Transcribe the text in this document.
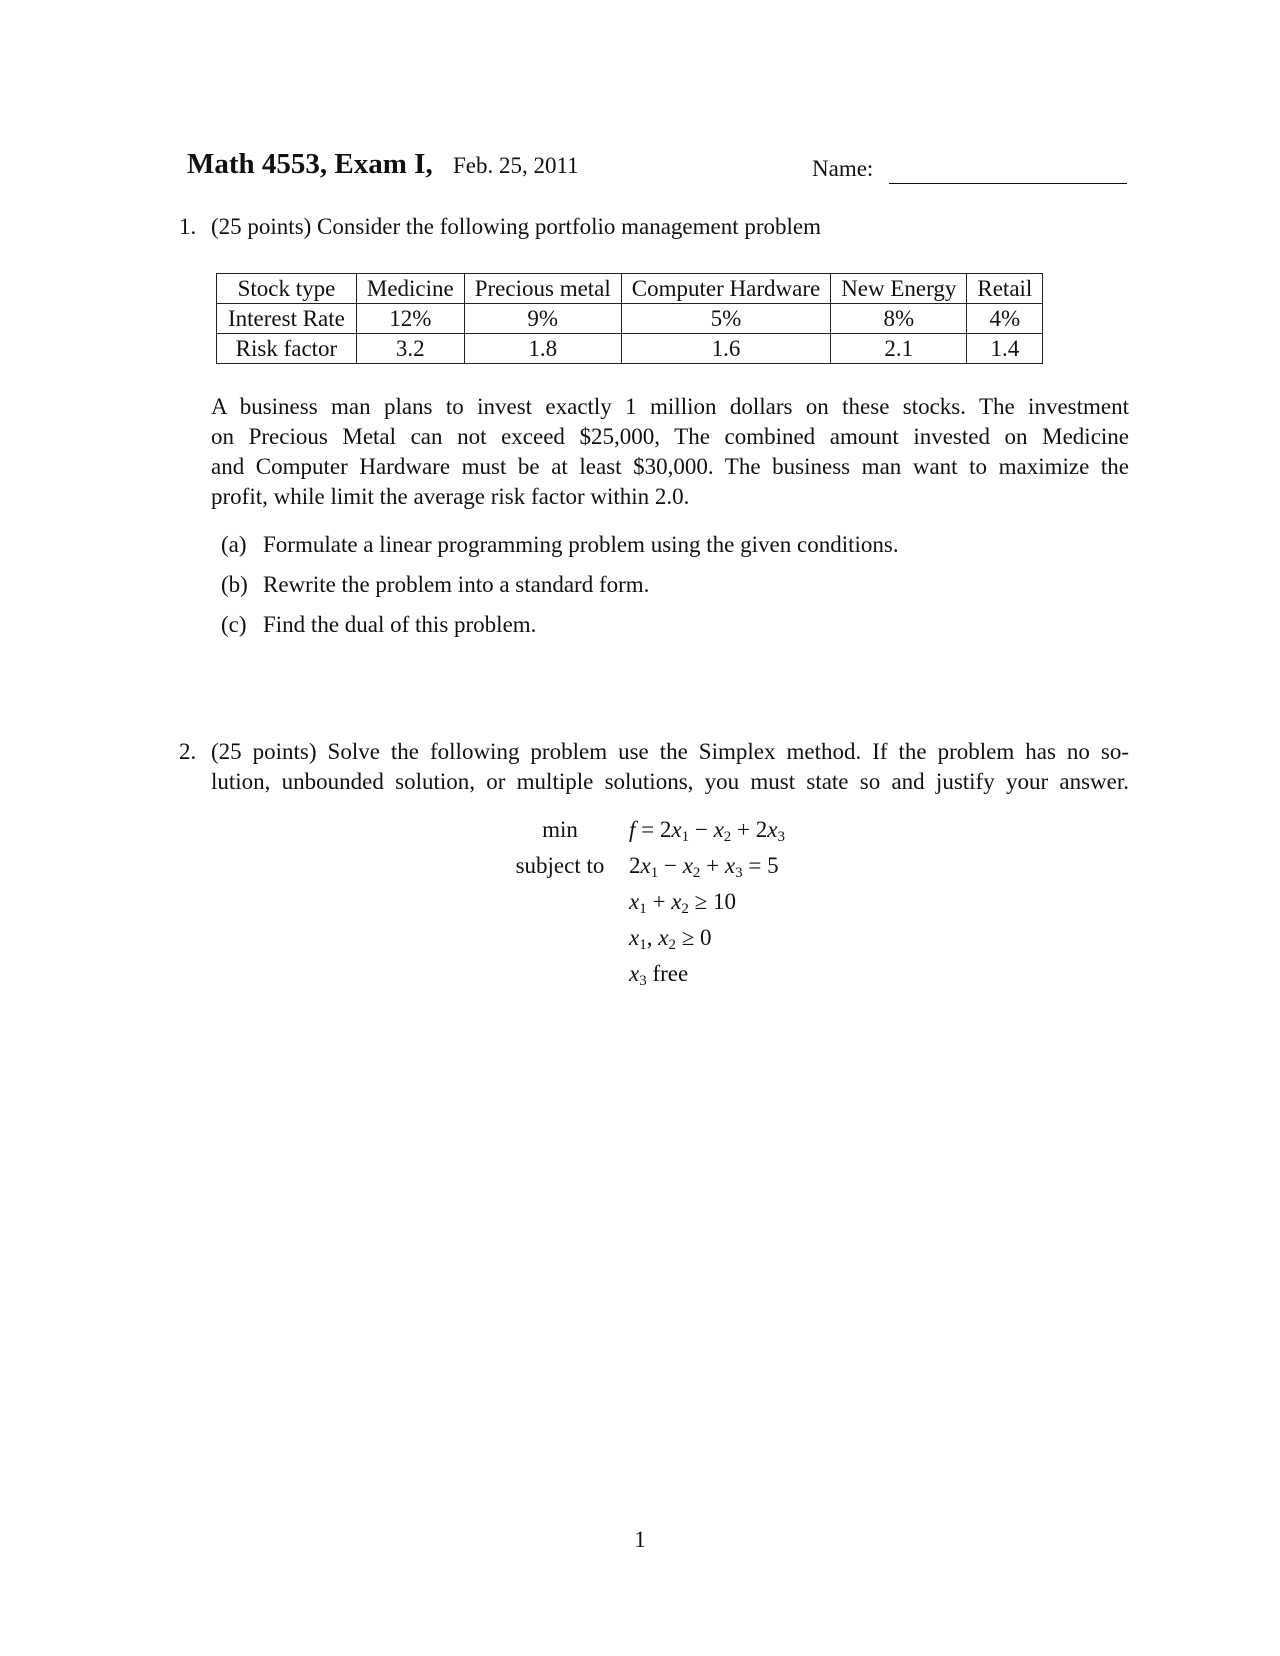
Math 4553, Exam I, Feb. 25, 2011	Name:
1. (25 points) Consider the following portfolio management problem
Stock type	Medicine	Precious metal	Computer Hardware	New Energy	Retail
Interest Rate	12%	9%	5%	8%	4%
Risk factor	3.2	1.8	1.6	2.1	1.4
A business man plans to invest exactly 1 million dollars on these stocks. The investment
on Precious Metal can not exceed $25,000, The combined amount invested on Medicine
and Computer Hardware must be at least $30,000. The business man want to maximize the
profit, while limit the average risk factor within 2.0.
(a) Formulate a linear programming problem using the given conditions.
(b) Rewrite the problem into a standard form.
(c) Find the dual of this problem.
2. (25 points) Solve the following problem use the Simplex method. If the problem has no so-
lution, unbounded solution, or multiple solutions, you must state so and justify your answer.
min	$f = 2x_1 - x_2 + 2x_3$
subject to	$2x_1 - x_2 + x_3 = 5$
$x_1 + x_2 \ge 10$
$x_1$, $x_2 \ge 0$
$x_3$ free
1
